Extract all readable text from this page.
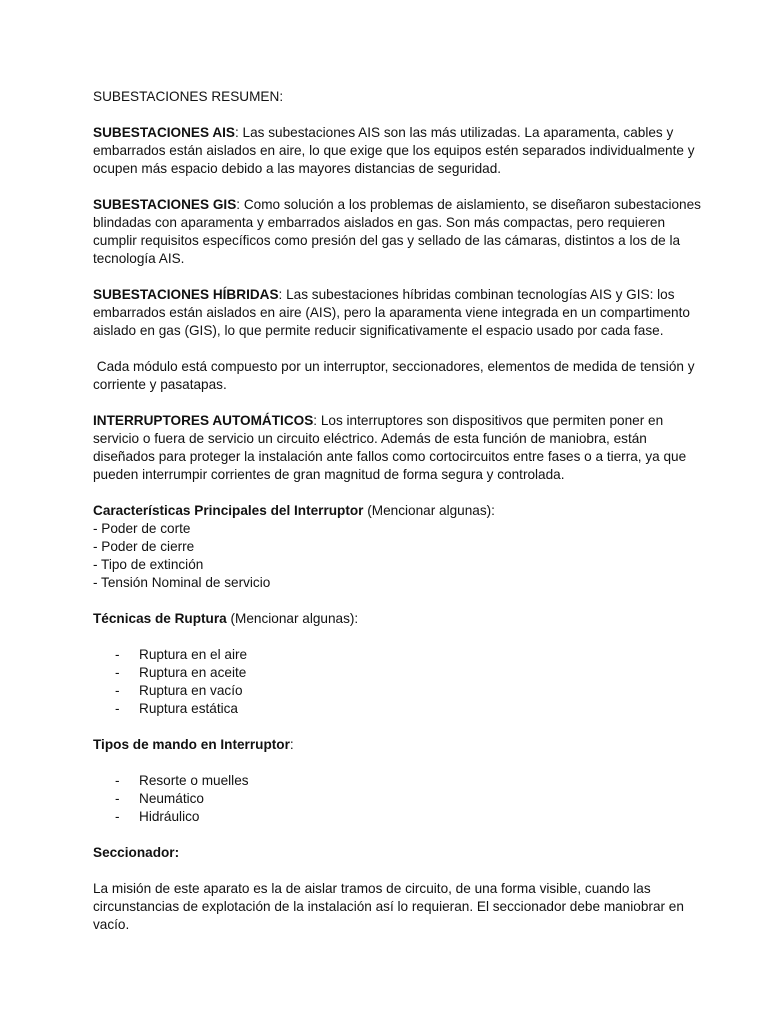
SUBESTACIONES RESUMEN:

SUBESTACIONES AIS: Las subestaciones AIS son las más utilizadas. La aparamenta, cables y embarrados están aislados en aire, lo que exige que los equipos estén separados individualmente y ocupen más espacio debido a las mayores distancias de seguridad.

SUBESTACIONES GIS: Como solución a los problemas de aislamiento, se diseñaron subestaciones blindadas con aparamenta y embarrados aislados en gas. Son más compactas, pero requieren cumplir requisitos específicos como presión del gas y sellado de las cámaras, distintos a los de la tecnología AIS.

SUBESTACIONES HÍBRIDAS: Las subestaciones híbridas combinan tecnologías AIS y GIS: los embarrados están aislados en aire (AIS), pero la aparamenta viene integrada en un compartimento aislado en gas (GIS), lo que permite reducir significativamente el espacio usado por cada fase.

Cada módulo está compuesto por un interruptor, seccionadores, elementos de medida de tensión y corriente y pasatapas.

INTERRUPTORES AUTOMÁTICOS: Los interruptores son dispositivos que permiten poner en servicio o fuera de servicio un circuito eléctrico. Además de esta función de maniobra, están diseñados para proteger la instalación ante fallos como cortocircuitos entre fases o a tierra, ya que pueden interrumpir corrientes de gran magnitud de forma segura y controlada.

Características Principales del Interruptor (Mencionar algunas):
- Poder de corte
- Poder de cierre
- Tipo de extinción
- Tensión Nominal de servicio
Técnicas de Ruptura (Mencionar algunas):
-	Ruptura en el aire
-	Ruptura en aceite
-	Ruptura en vacío
-	Ruptura estática
Tipos de mando en Interruptor:
-	Resorte o muelles
-	Neumático
-	Hidráulico

Seccionador:

La misión de este aparato es la de aislar tramos de circuito, de una forma visible, cuando las circunstancias de explotación de la instalación así lo requieran. El seccionador debe maniobrar en vacío.
